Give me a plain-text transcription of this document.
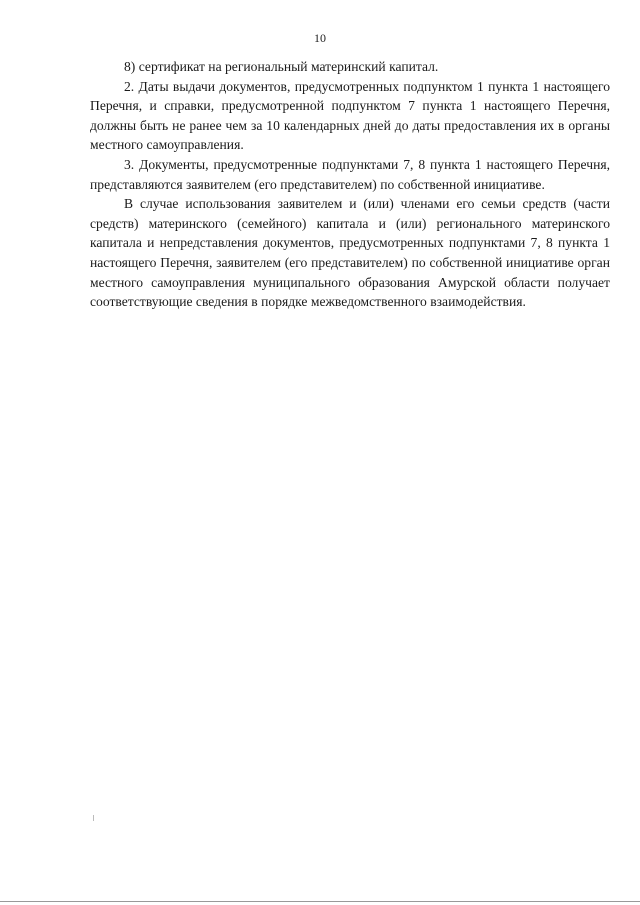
10

8) сертификат на региональный материнский капитал.

2. Даты выдачи документов, предусмотренных подпунктом 1 пункта 1 настоящего Перечня, и справки, предусмотренной подпунктом 7 пункта 1 настоящего Перечня, должны быть не ранее чем за 10 календарных дней до даты предоставления их в органы местного самоуправления.

3. Документы, предусмотренные подпунктами 7, 8 пункта 1 настоящего Перечня, представляются заявителем (его представителем) по собственной инициативе.

В случае использования заявителем и (или) членами его семьи средств (части средств) материнского (семейного) капитала и (или) регионального материнского капитала и непредставления документов, предусмотренных подпунктами 7, 8 пункта 1 настоящего Перечня, заявителем (его представителем) по собственной инициативе орган местного самоуправления муниципального образования Амурской области получает соответствующие сведения в порядке межведомственного взаимодействия.
